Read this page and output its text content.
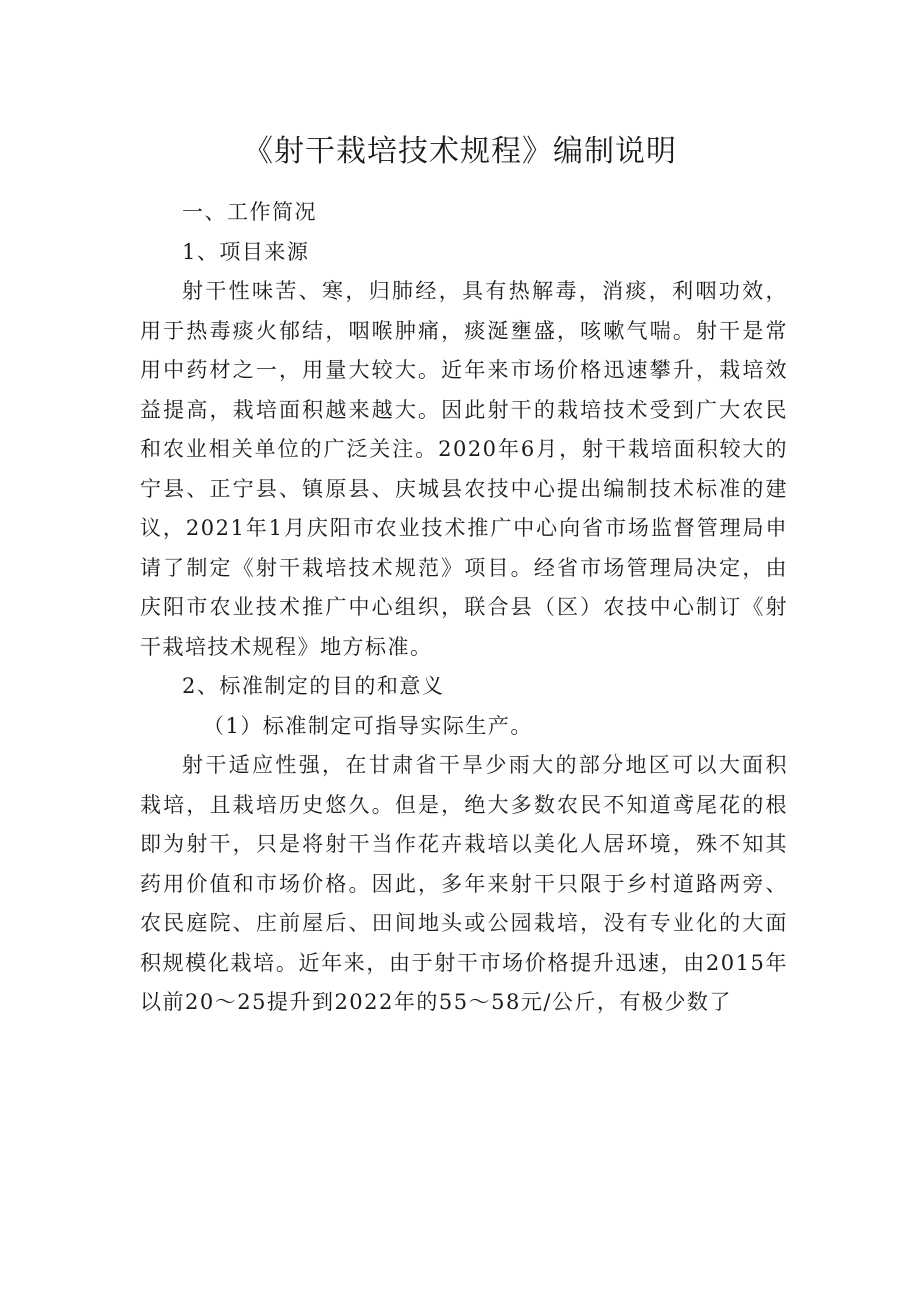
《射干栽培技术规程》编制说明

一、工作简况

1、项目来源

射干性味苦、寒，归肺经，具有热解毒，消痰，利咽功效，用于热毒痰火郁结，咽喉肿痛，痰涎壅盛，咳嗽气喘。射干是常用中药材之一，用量大较大。近年来市场价格迅速攀升，栽培效益提高，栽培面积越来越大。因此射干的栽培技术受到广大农民和农业相关单位的广泛关注。2020年6月，射干栽培面积较大的宁县、正宁县、镇原县、庆城县农技中心提出编制技术标准的建议，2021年1月庆阳市农业技术推广中心向省市场监督管理局申请了制定《射干栽培技术规范》项目。经省市场管理局决定，由庆阳市农业技术推广中心组织，联合县（区）农技中心制订《射干栽培技术规程》地方标准。

2、标准制定的目的和意义

（1）标准制定可指导实际生产。

射干适应性强，在甘肃省干旱少雨大的部分地区可以大面积栽培，且栽培历史悠久。但是，绝大多数农民不知道鸢尾花的根即为射干，只是将射干当作花卉栽培以美化人居环境，殊不知其药用价值和市场价格。因此，多年来射干只限于乡村道路两旁、农民庭院、庄前屋后、田间地头或公园栽培，没有专业化的大面积规模化栽培。近年来，由于射干市场价格提升迅速，由2015年以前20～25提升到2022年的55～58元/公斤，有极少数了
